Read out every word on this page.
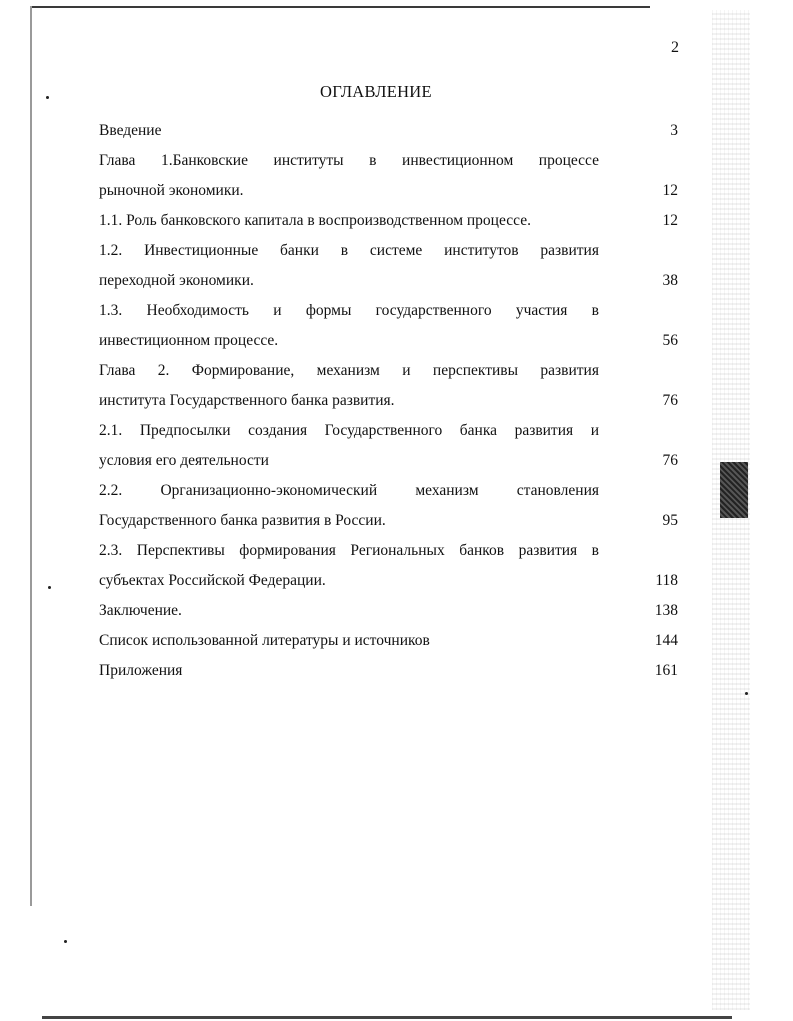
2
ОГЛАВЛЕНИЕ
Введение	3
Глава 1.Банковские институты в инвестиционном процессе
рыночной экономики.	12
1.1. Роль банковского капитала в воспроизводственном процессе.	12
1.2. Инвестиционные банки в системе институтов развития
переходной экономики.	38
1.3. Необходимость и формы государственного участия в
инвестиционном процессе.	56
Глава 2. Формирование, механизм и перспективы развития
института Государственного банка развития.	76
2.1. Предпосылки создания Государственного банка развития и
условия его деятельности	76
2.2. Организационно-экономический механизм становления
Государственного банка развития в России.	95
2.3. Перспективы формирования Региональных банков развития в
субъектах Российской Федерации.	118
Заключение.	138
Список использованной литературы и источников	144
Приложения	161
